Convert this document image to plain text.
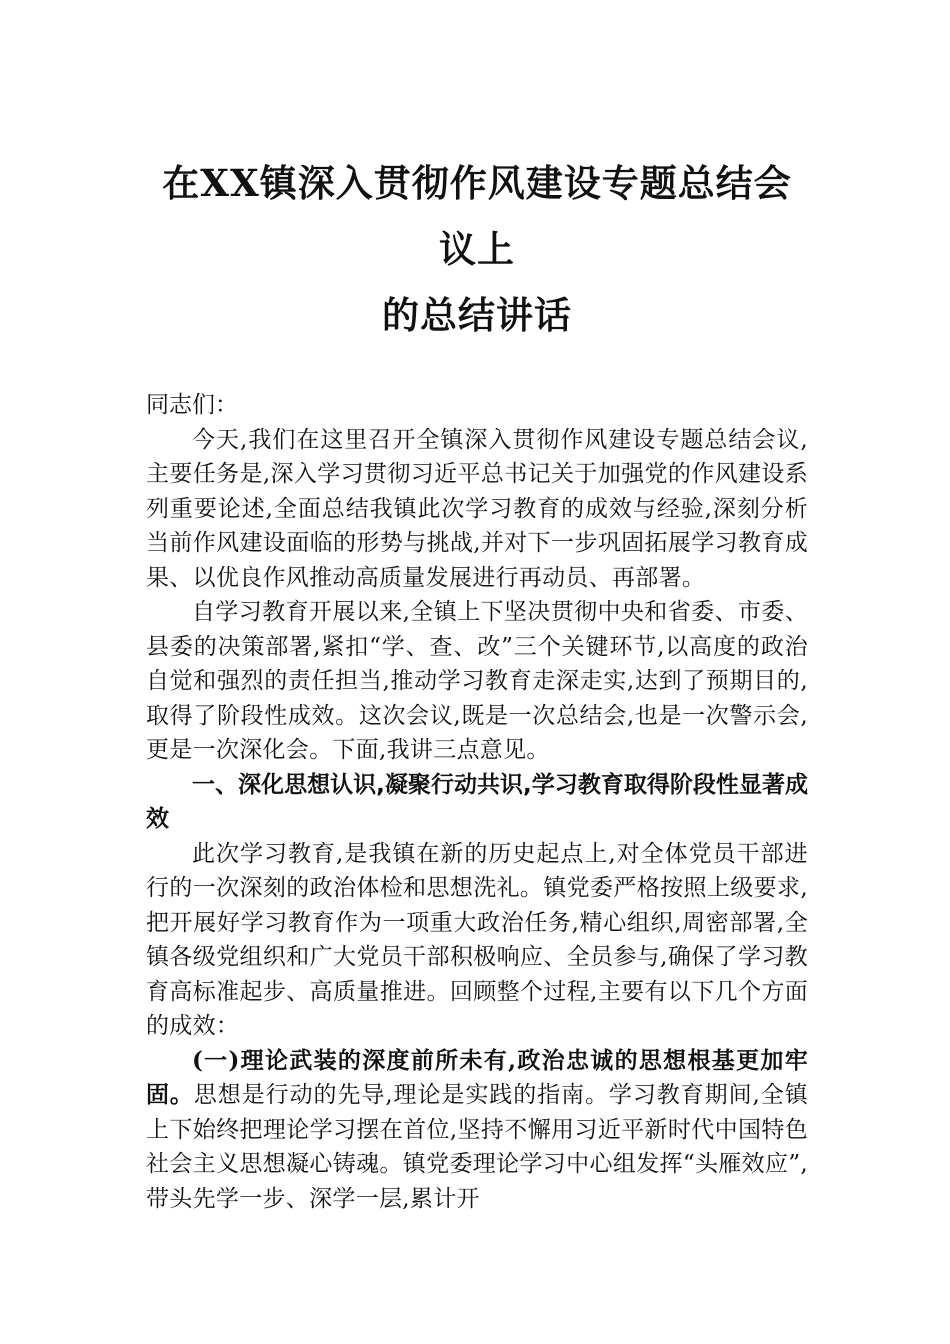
在XX镇深入贯彻作风建设专题总结会议上
的总结讲话

同志们：

今天,我们在这里召开全镇深入贯彻作风建设专题总结会议,主要任务是,深入学习贯彻习近平总书记关于加强党的作风建设系列重要论述,全面总结我镇此次学习教育的成效与经验,深刻分析当前作风建设面临的形势与挑战,并对下一步巩固拓展学习教育成果、以优良作风推动高质量发展进行再动员、再部署。

自学习教育开展以来,全镇上下坚决贯彻中央和省委、市委、县委的决策部署,紧扣“学、查、改”三个关键环节,以高度的政治自觉和强烈的责任担当,推动学习教育走深走实,达到了预期目的,取得了阶段性成效。这次会议,既是一次总结会,也是一次警示会,更是一次深化会。下面,我讲三点意见。

一、深化思想认识,凝聚行动共识,学习教育取得阶段性显著成效

此次学习教育,是我镇在新的历史起点上,对全体党员干部进行的一次深刻的政治体检和思想洗礼。镇党委严格按照上级要求,把开展好学习教育作为一项重大政治任务,精心组织,周密部署,全镇各级党组织和广大党员干部积极响应、全员参与,确保了学习教育高标准起步、高质量推进。回顾整个过程,主要有以下几个方面的成效：

(一)理论武装的深度前所未有,政治忠诚的思想根基更加牢固。思想是行动的先导,理论是实践的指南。学习教育期间,全镇上下始终把理论学习摆在首位,坚持不懈用习近平新时代中国特色社会主义思想凝心铸魂。镇党委理论学习中心组发挥“头雁效应”,带头先学一步、深学一层,累计开
